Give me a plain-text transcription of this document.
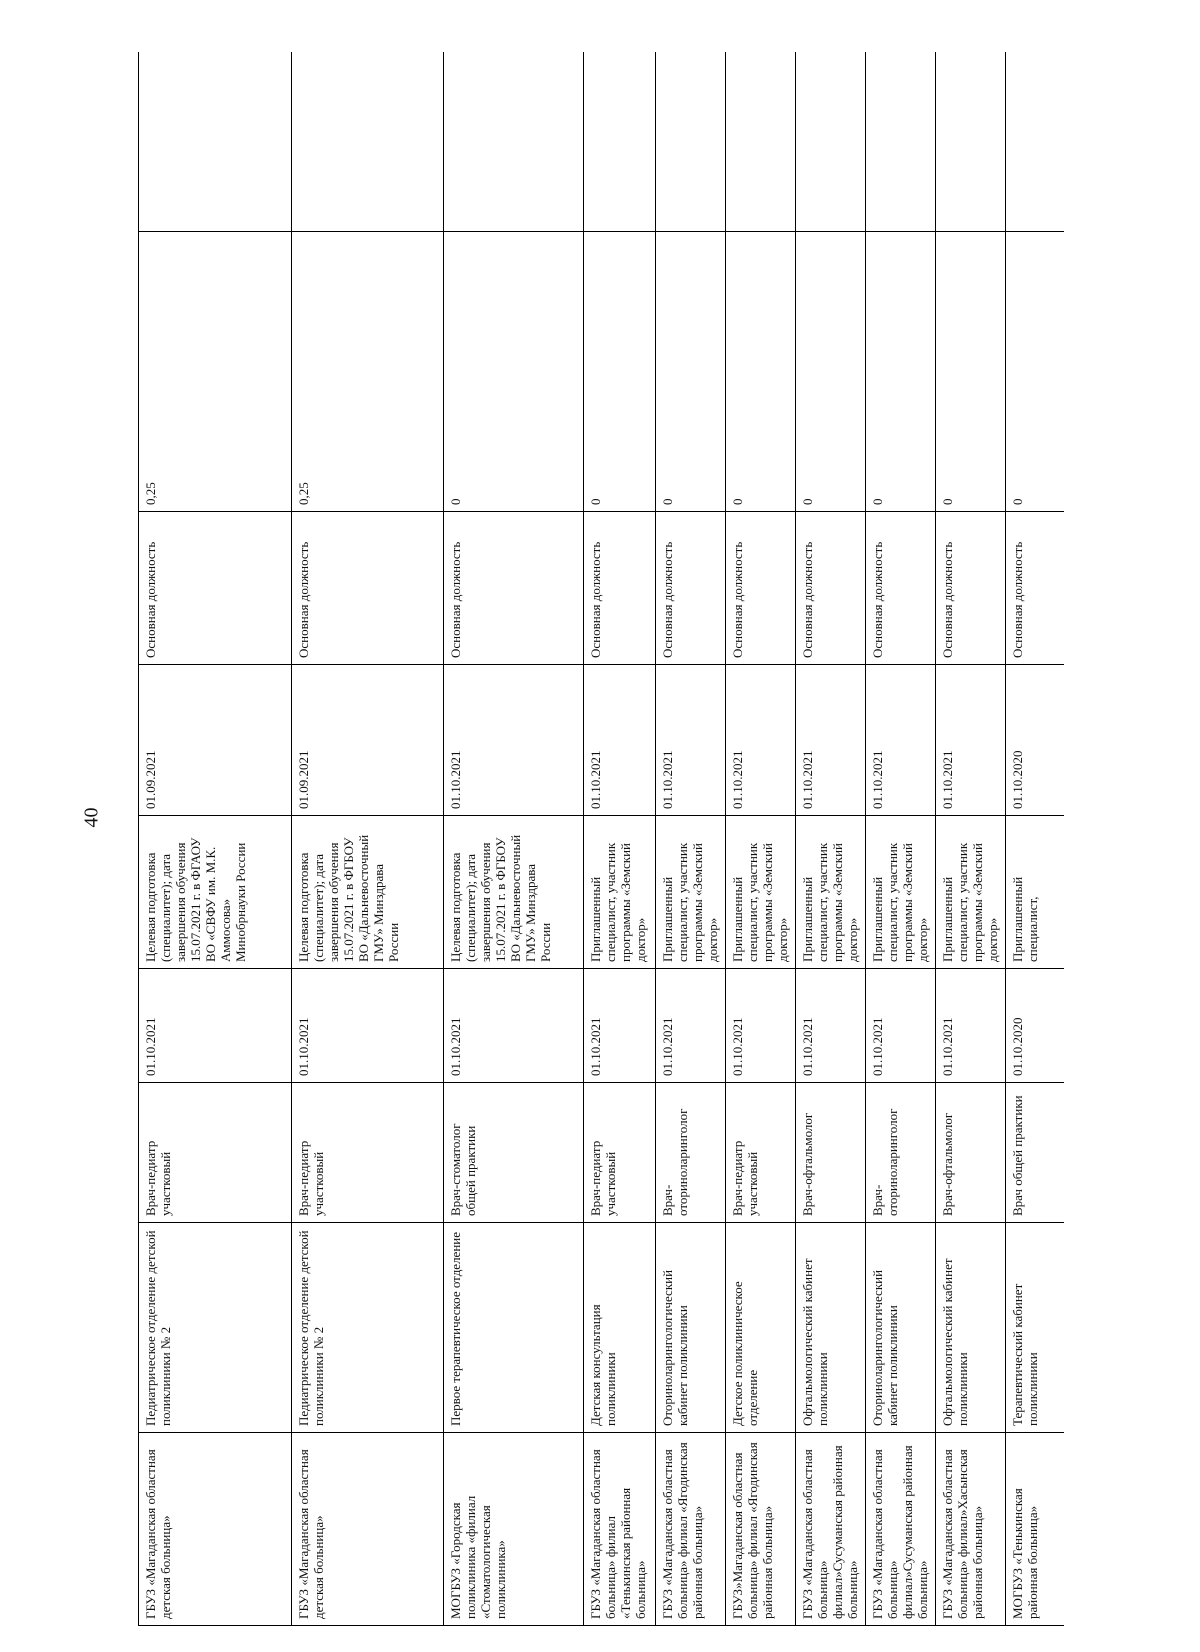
40
ГБУЗ «Магаданская областная детская больница»	Педиатрическое отделение детской поликлиники № 2	Врач-педиатр участковый	01.10.2021	Целевая подготовка (специалитет); дата завершения обучения 15.07.2021 г. в ФГАОУ ВО «СВФУ им. М.К. Аммосова» Минобрнауки России	01.09.2021	Основная должность	0,25	
ГБУЗ «Магаданская областная детская больница»	Педиатрическое отделение детской поликлиники № 2	Врач-педиатр участковый	01.10.2021	Целевая подготовка (специалитет); дата завершения обучения 15.07.2021 г. в ФГБОУ ВО «Дальневосточный ГМУ» Минздрава России	01.09.2021	Основная должность	0,25	
МОГБУЗ «Городская поликлиника «филиал «Стоматологическая поликлиника»	Первое терапевтическое отделение	Врач-стоматолог общей практики	01.10.2021	Целевая подготовка (специалитет); дата завершения обучения 15.07.2021 г. в ФГБОУ ВО «Дальневосточный ГМУ» Минздрава России	01.10.2021	Основная должность	0	
ГБУЗ «Магаданская областная больница» филиал «Тенькинская районная больница»	Детская консультация поликлиники	Врач-педиатр участковый	01.10.2021	Приглашенный специалист, участник программы «Земский доктор»	01.10.2021	Основная должность	0	
ГБУЗ «Магаданская областная больница» филиал «Ягодинская районная больница»	Оториноларингологический кабинет поликлиники	Врач-оториноларинголог	01.10.2021	Приглашенный специалист, участник программы «Земский доктор»	01.10.2021	Основная должность	0	
ГБУЗ»Магаданская областная больница» филиал «Ягодинская районная больница»	Детское поликлиническое отделение	Врач-педиатр участковый	01.10.2021	Приглашенный специалист, участник программы «Земский доктор»	01.10.2021	Основная должность	0	
ГБУЗ «Магаданская областная больница» филиал»Сусуманская районная больница»	Офтальмологический кабинет поликлиники	Врач-офтальмолог	01.10.2021	Приглашенный специалист, участник программы «Земский доктор»	01.10.2021	Основная должность	0	
ГБУЗ «Магаданская областная больница» филиал»Сусуманская районная больница»	Оториноларингологический кабинет поликлиники	Врач-оториноларинголог	01.10.2021	Приглашенный специалист, участник программы «Земский доктор»	01.10.2021	Основная должность	0	
ГБУЗ «Магаданская областная больница» филиал»Хасынская районная больница»	Офтальмологический кабинет поликлиники	Врач-офтальмолог	01.10.2021	Приглашенный специалист, участник программы «Земский доктор»	01.10.2021	Основная должность	0	
МОГБУЗ «Тенькинская районная больница»	Терапевтический кабинет поликлиники	Врач общей практики	01.10.2020	Приглашенный специалист,	01.10.2020	Основная должность	0	
